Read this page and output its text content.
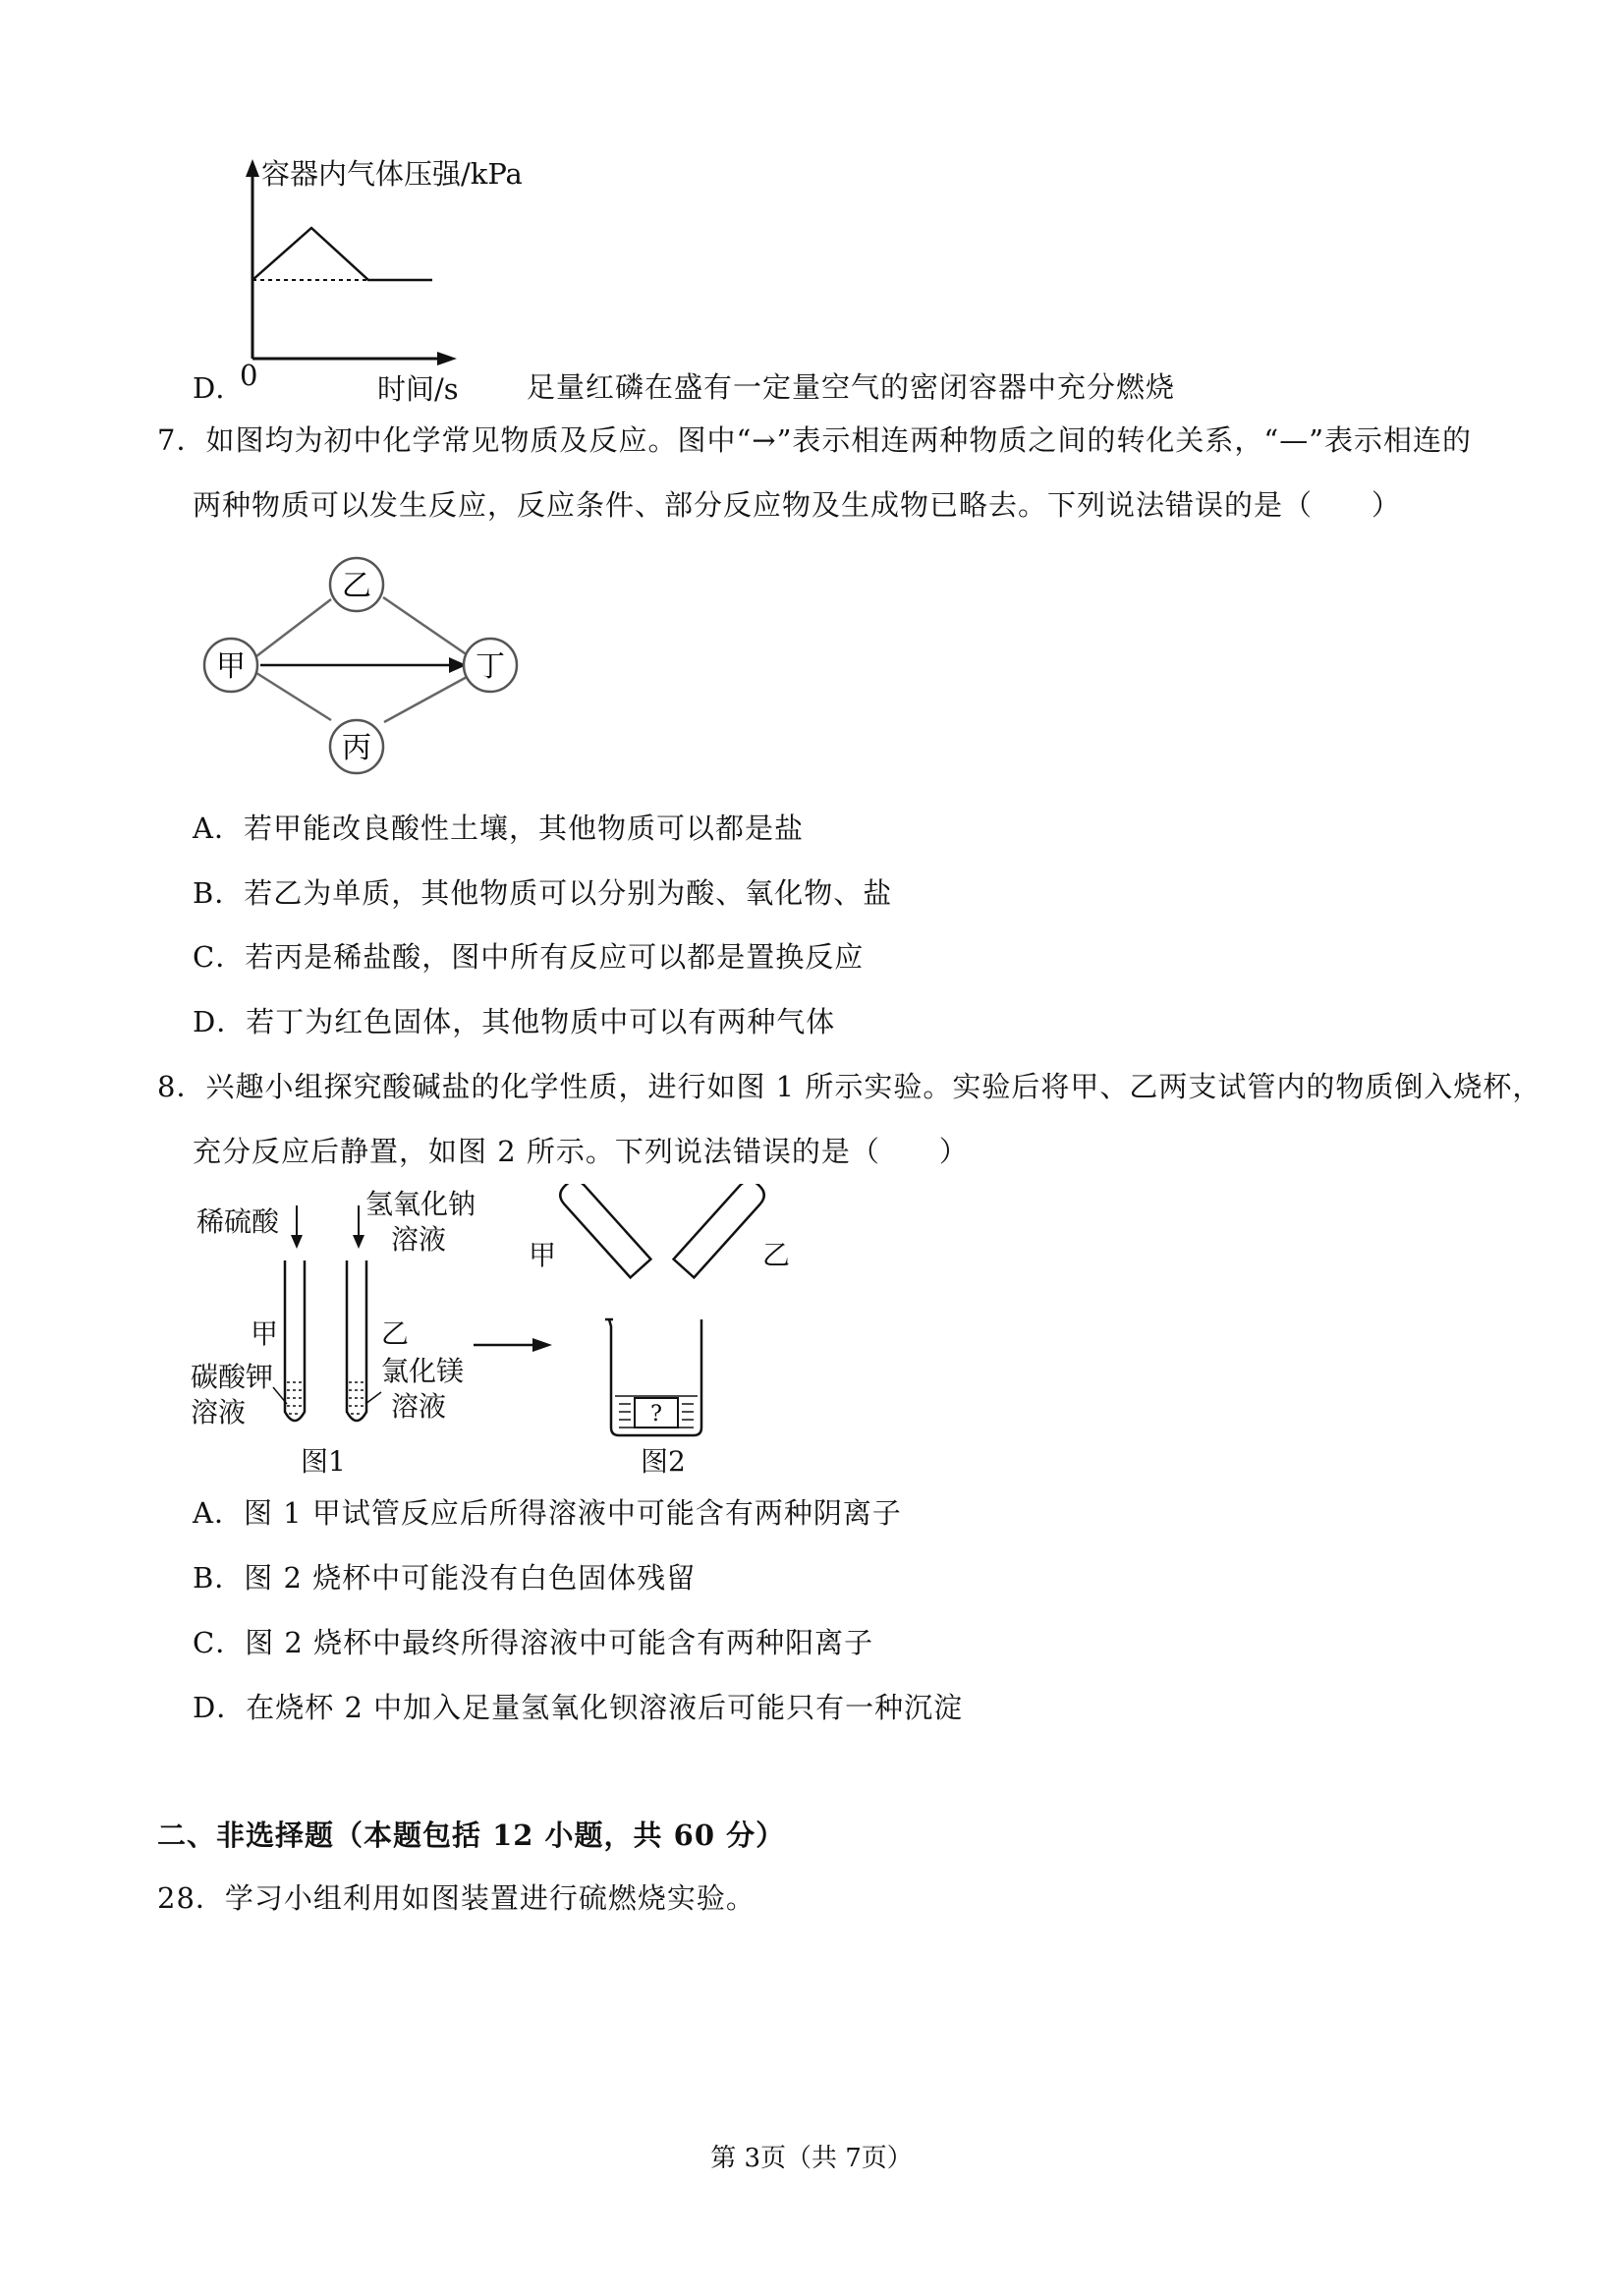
容器内气体压强/kPa
0	时间/s
D.	足量红磷在盛有一定量空气的密闭容器中充分燃烧
7．如图均为初中化学常见物质及反应。图中“→”表示相连两种物质之间的转化关系，“—”表示相连的
两种物质可以发生反应，反应条件、部分反应物及生成物已略去。下列说法错误的是（　　）
甲
乙
丙
丁
A．若甲能改良酸性土壤，其他物质可以都是盐
B．若乙为单质，其他物质可以分别为酸、氧化物、盐
C．若丙是稀盐酸，图中所有反应可以都是置换反应
D．若丁为红色固体，其他物质中可以有两种气体
8．兴趣小组探究酸碱盐的化学性质，进行如图 1 所示实验。实验后将甲、乙两支试管内的物质倒入烧杯，
充分反应后静置，如图 2 所示。下列说法错误的是（　　）
?
稀硫酸
氢氧化钠
溶液
甲	乙
碳酸钾
溶液
氯化镁
溶液
图1
甲	乙
图2
A．图 1 甲试管反应后所得溶液中可能含有两种阴离子
B．图 2 烧杯中可能没有白色固体残留
C．图 2 烧杯中最终所得溶液中可能含有两种阳离子
D．在烧杯 2 中加入足量氢氧化钡溶液后可能只有一种沉淀
二、非选择题（本题包括 12 小题，共 60 分）
28．学习小组利用如图装置进行硫燃烧实验。
第 3页（共 7页）
